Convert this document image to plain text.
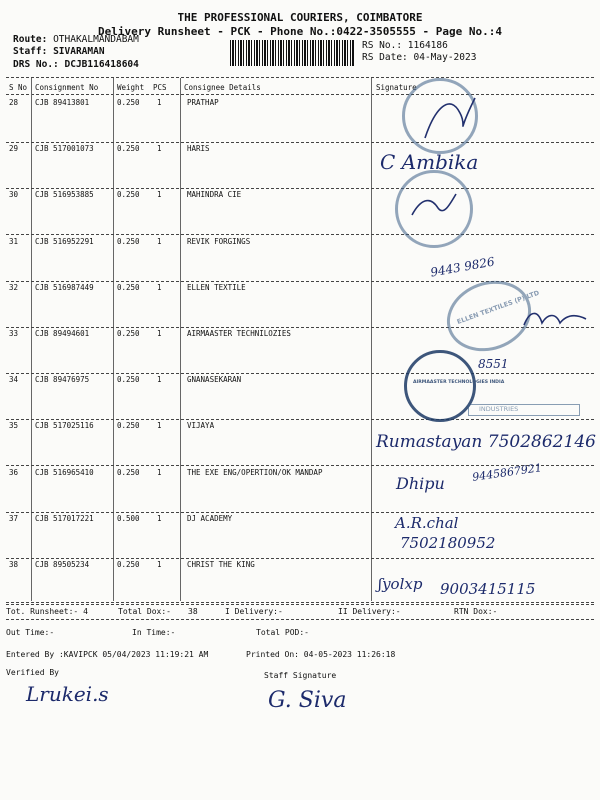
THE PROFESSIONAL COURIERS, COIMBATORE
Delivery Runsheet - PCK - Phone No.:0422-3505555 - Page No.:4
Route: OTHAKALMANDABAM
Staff: SIVARAMAN
DRS No.: DCJB116418604
RS No.: 1164186
RS Date: 04-May-2023
S No Consignment No	Weight PCS Consignee Details	Signature
28 CJB 89413801	0.250 1	PRATHAP
29 CJB 517001073	0.250 1	HARIS
30 CJB 516953885	0.250 1	MAHINDRA CIE
31 CJB 516952291	0.250 1	REVIK FORGINGS
32 CJB 516987449	0.250 1	ELLEN TEXTILE
33 CJB 89494601	0.250 1	AIRMAASTER TECHNILOZIES
34 CJB 89476975	0.250 1	GNANASEKARAN
35 CJB 517025116	0.250 1	VIJAYA
36 CJB 516965410	0.250 1	THE EXE ENG/OPERTION/OK MANDAP
37 CJB 517017221	0.500 1	DJ ACADEMY
38 CJB 89505234	0.250 1	CHRIST THE KING
ELLEN TEXTILES (P) LTD
AIRMAASTER TECHNOLOGIES INDIA
INDUSTRIES
C Ambika
9443 9826
8551
Rumastayan 7502862146
Dhipu 9445867921
A.R.chal
7502180952
ʃyolxp 9003415115
Tot. Runsheet:- 4	Total Dox:- 38	I Delivery:-	II Delivery:-	RTN Dox:-
Out Time:-	In Time:-	Total POD:-
Entered By :KAVIPCK 05/04/2023 11:19:21 AM	Printed On: 04-05-2023 11:26:18
Verified By	Staff Signature
Lrukei.s	G. Siva
